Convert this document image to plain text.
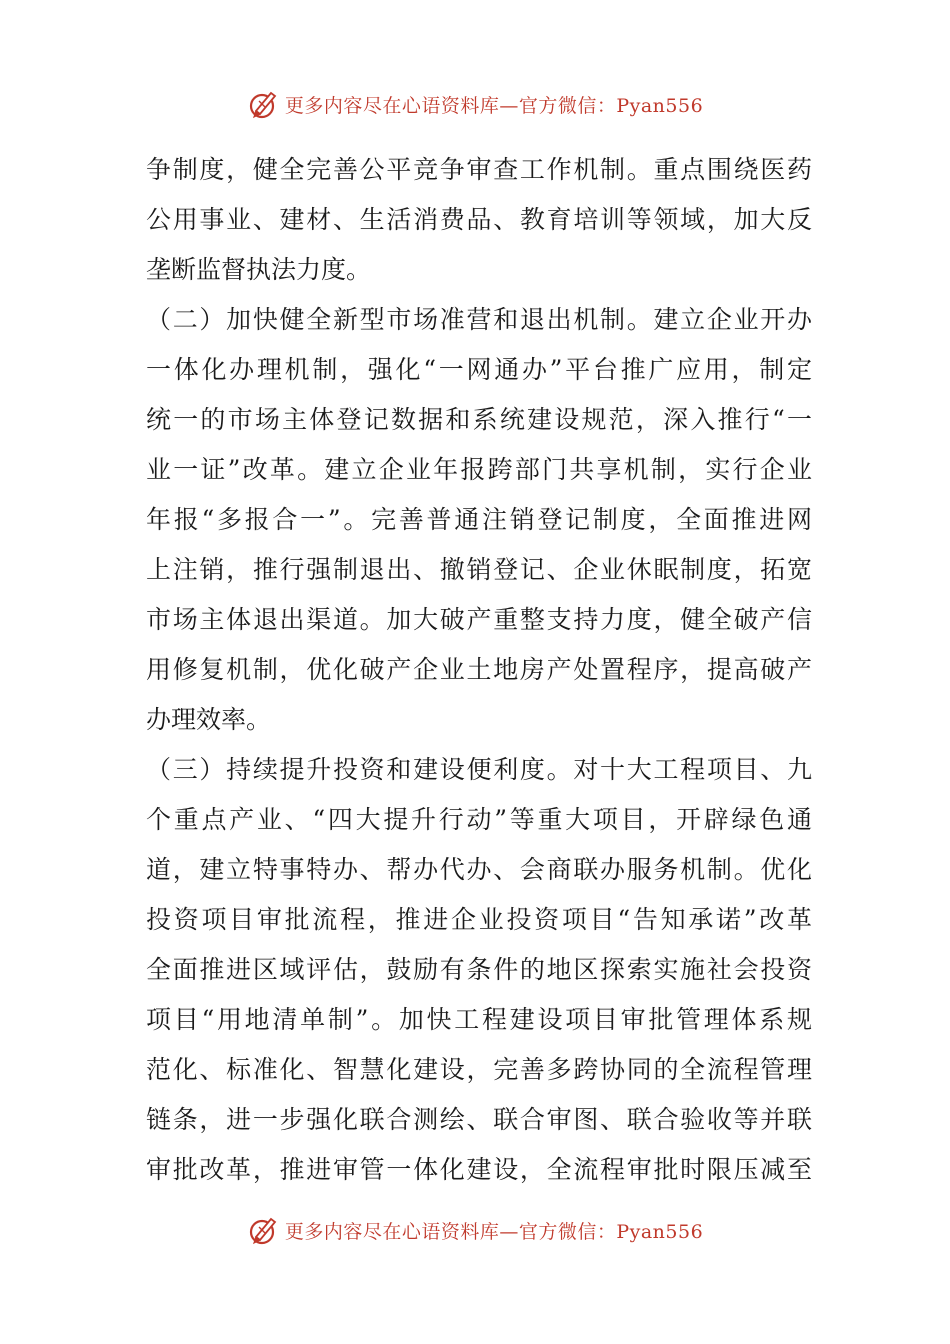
更多内容尽在心语资料库—官方微信：Pyan556
争制度，健全完善公平竞争审查工作机制。重点围绕医药
公用事业、建材、生活消费品、教育培训等领域，加大反
垄断监督执法力度。
（二）加快健全新型市场准营和退出机制。建立企业开办
一体化办理机制，强化“一网通办”平台推广应用，制定
统一的市场主体登记数据和系统建设规范，深入推行“一
业一证”改革。建立企业年报跨部门共享机制，实行企业
年报“多报合一”。完善普通注销登记制度，全面推进网
上注销，推行强制退出、撤销登记、企业休眠制度，拓宽
市场主体退出渠道。加大破产重整支持力度，健全破产信
用修复机制，优化破产企业土地房产处置程序，提高破产
办理效率。
（三）持续提升投资和建设便利度。对十大工程项目、九
个重点产业、“四大提升行动”等重大项目，开辟绿色通
道，建立特事特办、帮办代办、会商联办服务机制。优化
投资项目审批流程，推进企业投资项目“告知承诺”改革
全面推进区域评估，鼓励有条件的地区探索实施社会投资
项目“用地清单制”。加快工程建设项目审批管理体系规
范化、标准化、智慧化建设，完善多跨协同的全流程管理
链条，进一步强化联合测绘、联合审图、联合验收等并联
审批改革，推进审管一体化建设，全流程审批时限压减至
更多内容尽在心语资料库—官方微信：Pyan556
